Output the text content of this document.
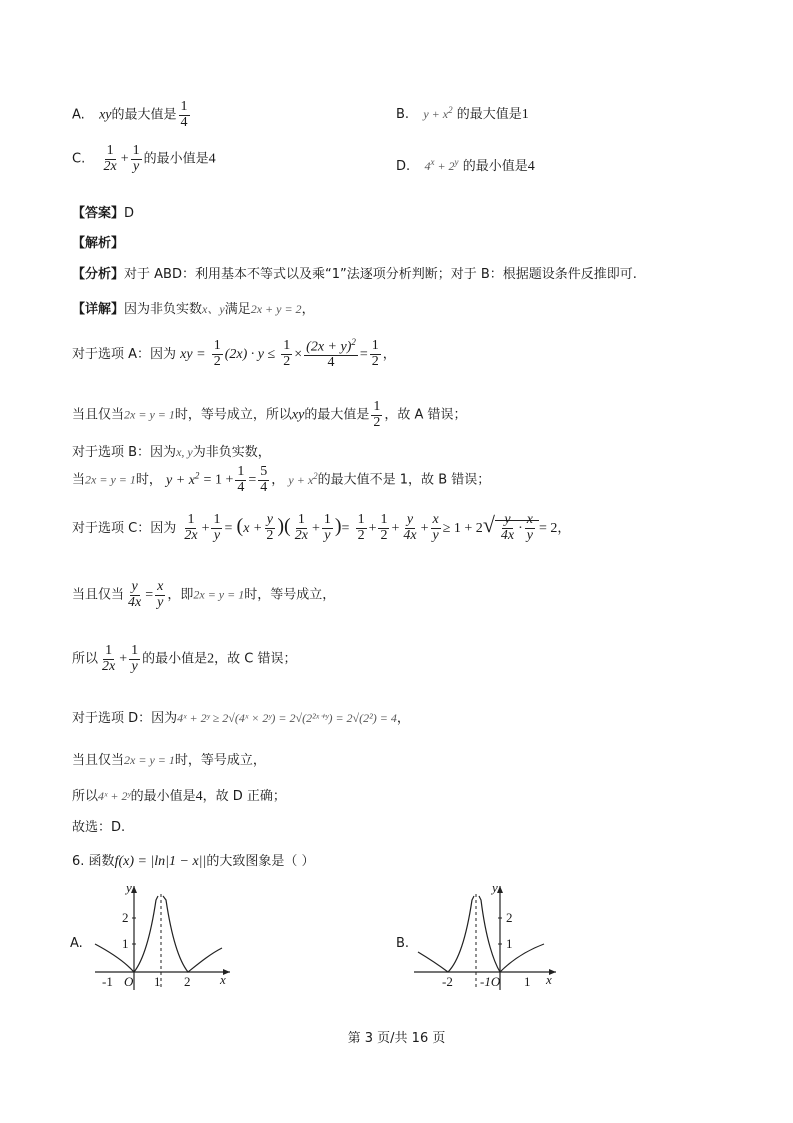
A. xy的最大值是 $\frac{1}{4}$	B. $y + x^2$ 的最大值是1
C. $\frac{1}{2x} + \frac{1}{y}$ 的最小值是4	D. $4^x + 2^y$ 的最小值是4
【答案】D
【解析】
【分析】对于 ABD：利用基本不等式以及乘“1”法逐项分析判断；对于 B：根据题设条件反推即可.
【详解】因为非负实数x、y满足2x + y = 2，
对于选项 A：因为 xy = $\frac{1}{2} (2x) \cdot y \le \frac{1}{2} \times \frac{(2x + y)^2}{4} = \frac{1}{2}$ ，
当且仅当2x = y = 1时，等号成立，所以xy的最大值是 $\frac{1}{2}$ ，故 A 错误；
对于选项 B：因为x, y为非负实数，
当2x = y = 1时， $y + x^2 = 1 + \frac{1}{4} = \frac{5}{4}$ ， $y + x^2$的最大值不是 1，故 B 错误；
对于选项 C：因为 $\frac{1}{2x} + \frac{1}{y} = (x + \frac{y}{2}$ )( $\frac{1}{2x} + \frac{1}{y}$ )= $\frac{1}{2} + \frac{1}{2} + \frac{y}{4x} + \frac{x}{y} \ge 1 + 2√ \frac{y}{4x} \cdot \frac{x}{y} = 2$，
当且仅当 $\frac{y}{4x} = \frac{x}{y}$ ，即2x = y = 1时，等号成立，
所以 $\frac{1}{2x} + \frac{1}{y}$ 的最小值是2，故 C 错误；
对于选项 D：因为4ˣ + 2ʸ ≥ 2√(4ˣ × 2ʸ) = 2√(2²ˣ⁺ʸ) = 2√(2²) = 4，
当且仅当2x = y = 1时，等号成立，
所以4ˣ + 2ʸ的最小值是4，故 D 正确；
故选：D.
6. 函数f(x) = |ln|1 − x||的大致图象是（ ）
A.
y
2
1
-1 O 1 2 x
B.
y
2
1
-2 -1O 1 x
第 3 页/共 16 页
